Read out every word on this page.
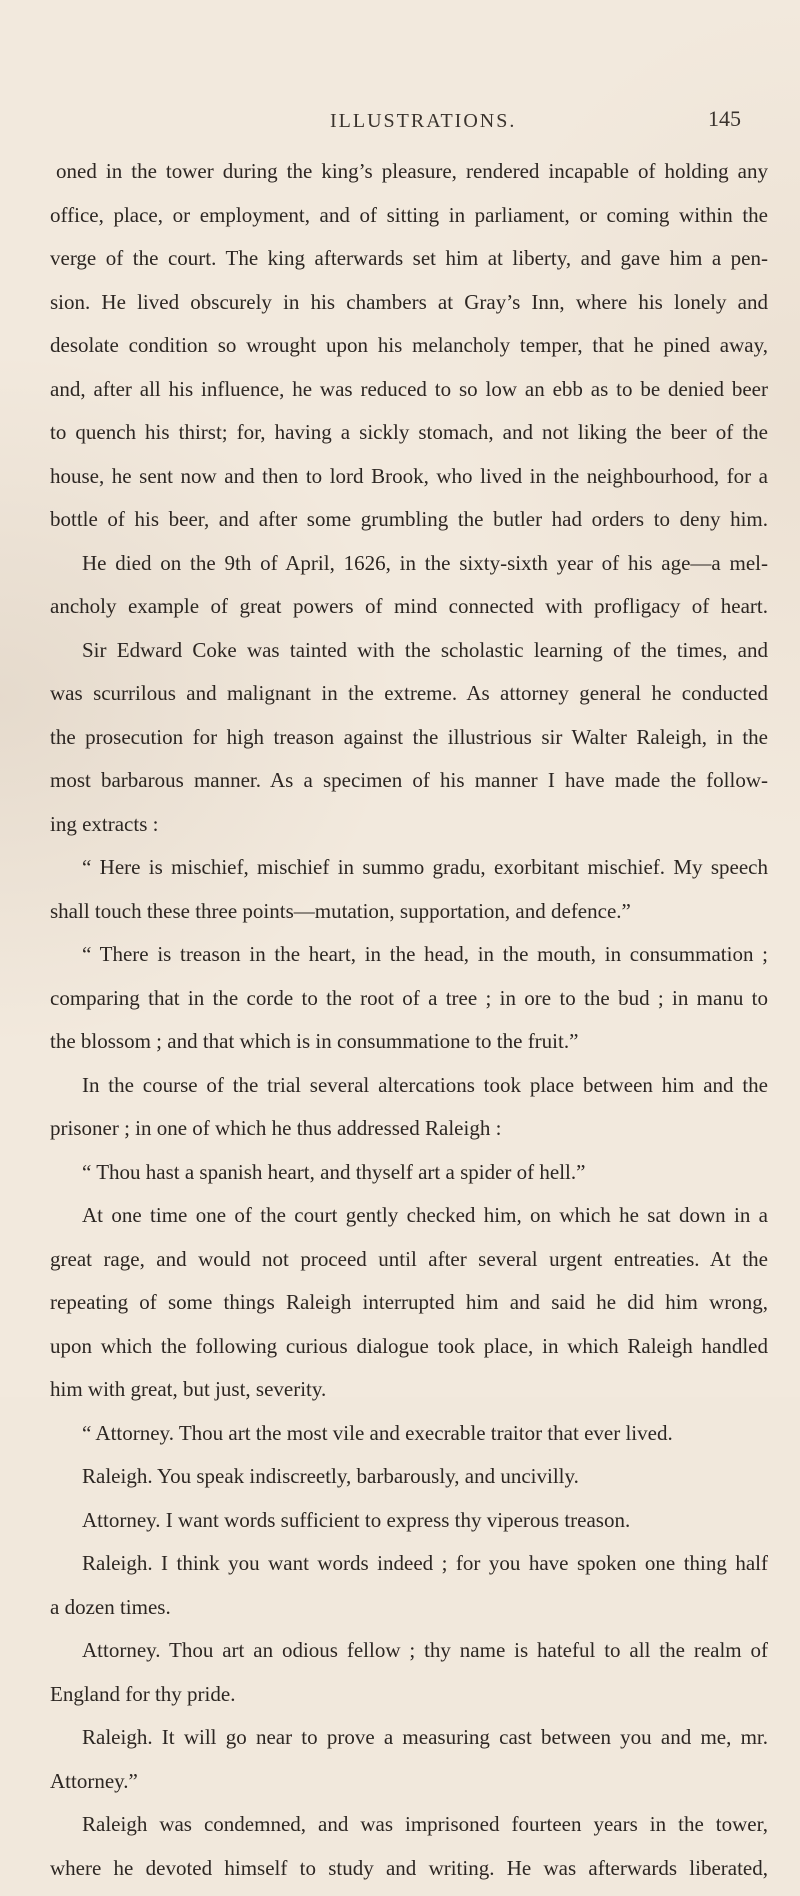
ILLUSTRATIONS.	145
oned in the tower during the king’s pleasure, rendered incapable of holding any
office, place, or employment, and of sitting in parliament, or coming within the
verge of the court. The king afterwards set him at liberty, and gave him a pen-
sion. He lived obscurely in his chambers at Gray’s Inn, where his lonely and
desolate condition so wrought upon his melancholy temper, that he pined away,
and, after all his influence, he was reduced to so low an ebb as to be denied beer
to quench his thirst; for, having a sickly stomach, and not liking the beer of the
house, he sent now and then to lord Brook, who lived in the neighbourhood, for a
bottle of his beer, and after some grumbling the butler had orders to deny him.
He died on the 9th of April, 1626, in the sixty-sixth year of his age—a mel-
ancholy example of great powers of mind connected with profligacy of heart.
Sir Edward Coke was tainted with the scholastic learning of the times, and
was scurrilous and malignant in the extreme. As attorney general he conducted
the prosecution for high treason against the illustrious sir Walter Raleigh, in the
most barbarous manner. As a specimen of his manner I have made the follow-
ing extracts :
“ Here is mischief, mischief in summo gradu, exorbitant mischief. My speech
shall touch these three points—mutation, supportation, and defence.”
“ There is treason in the heart, in the head, in the mouth, in consummation ;
comparing that in the corde to the root of a tree ; in ore to the bud ; in manu to
the blossom ; and that which is in consummatione to the fruit.”
In the course of the trial several altercations took place between him and the
prisoner ; in one of which he thus addressed Raleigh :
“ Thou hast a spanish heart, and thyself art a spider of hell.”
At one time one of the court gently checked him, on which he sat down in a
great rage, and would not proceed until after several urgent entreaties. At the
repeating of some things Raleigh interrupted him and said he did him wrong,
upon which the following curious dialogue took place, in which Raleigh handled
him with great, but just, severity.
“ Attorney. Thou art the most vile and execrable traitor that ever lived.
Raleigh. You speak indiscreetly, barbarously, and uncivilly.
Attorney. I want words sufficient to express thy viperous treason.
Raleigh. I think you want words indeed ; for you have spoken one thing half
a dozen times.
Attorney. Thou art an odious fellow ; thy name is hateful to all the realm of
England for thy pride.
Raleigh. It will go near to prove a measuring cast between you and me, mr.
Attorney.”
Raleigh was condemned, and was imprisoned fourteen years in the tower,
where he devoted himself to study and writing. He was afterwards liberated,
